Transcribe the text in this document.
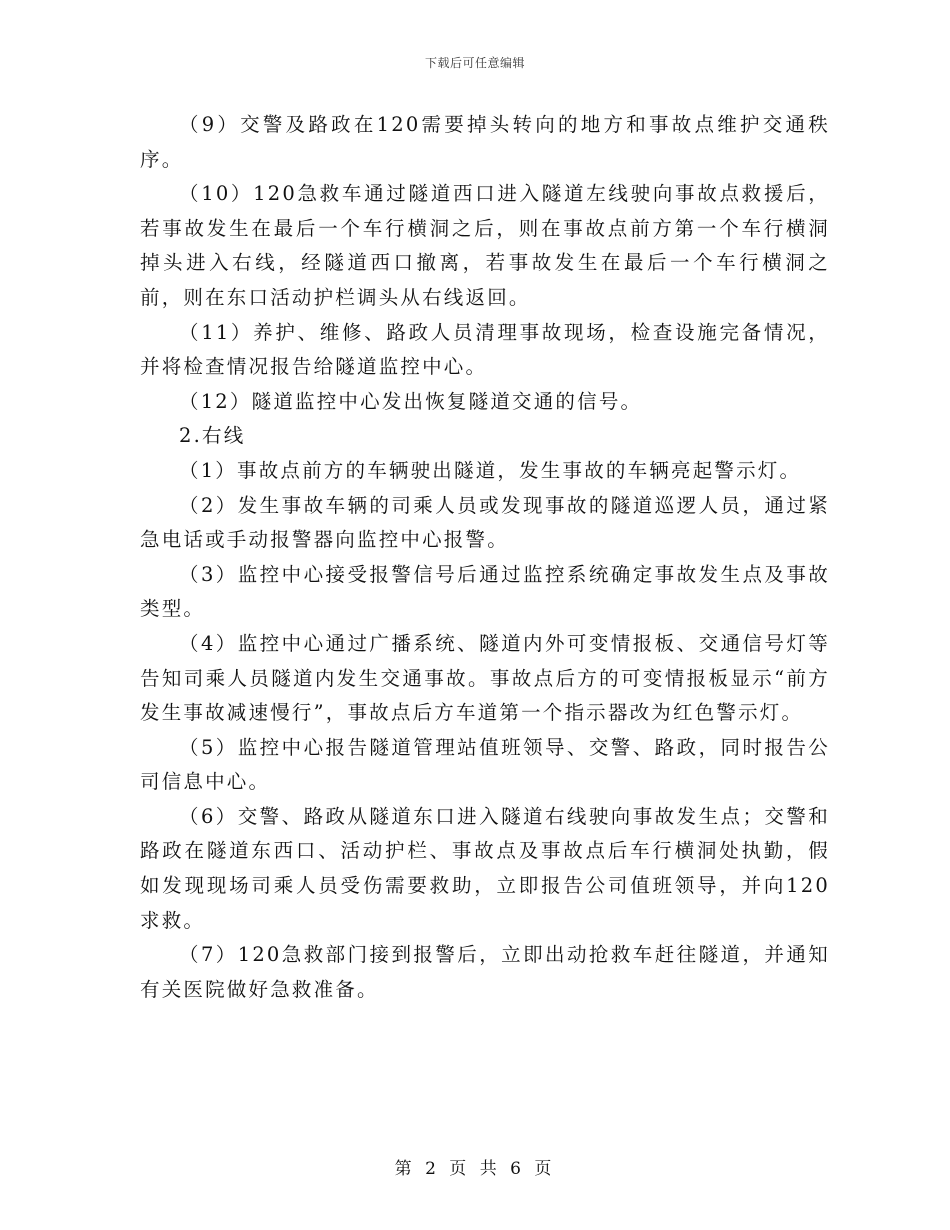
下载后可任意编辑

（9）交警及路政在120需要掉头转向的地方和事故点维护交通秩序。

（10）120急救车通过隧道西口进入隧道左线驶向事故点救援后，若事故发生在最后一个车行横洞之后，则在事故点前方第一个车行横洞掉头进入右线，经隧道西口撤离，若事故发生在最后一个车行横洞之前，则在东口活动护栏调头从右线返回。

（11）养护、维修、路政人员清理事故现场，检查设施完备情况，并将检查情况报告给隧道监控中心。

（12）隧道监控中心发出恢复隧道交通的信号。

2.右线

（1）事故点前方的车辆驶出隧道，发生事故的车辆亮起警示灯。

（2）发生事故车辆的司乘人员或发现事故的隧道巡逻人员，通过紧急电话或手动报警器向监控中心报警。

（3）监控中心接受报警信号后通过监控系统确定事故发生点及事故类型。

（4）监控中心通过广播系统、隧道内外可变情报板、交通信号灯等告知司乘人员隧道内发生交通事故。事故点后方的可变情报板显示“前方发生事故减速慢行”，事故点后方车道第一个指示器改为红色警示灯。

（5）监控中心报告隧道管理站值班领导、交警、路政，同时报告公司信息中心。

（6）交警、路政从隧道东口进入隧道右线驶向事故发生点；交警和路政在隧道东西口、活动护栏、事故点及事故点后车行横洞处执勤，假如发现现场司乘人员受伤需要救助，立即报告公司值班领导，并向120求救。

（7）120急救部门接到报警后，立即出动抢救车赶往隧道，并通知有关医院做好急救准备。

第 2 页 共 6 页
